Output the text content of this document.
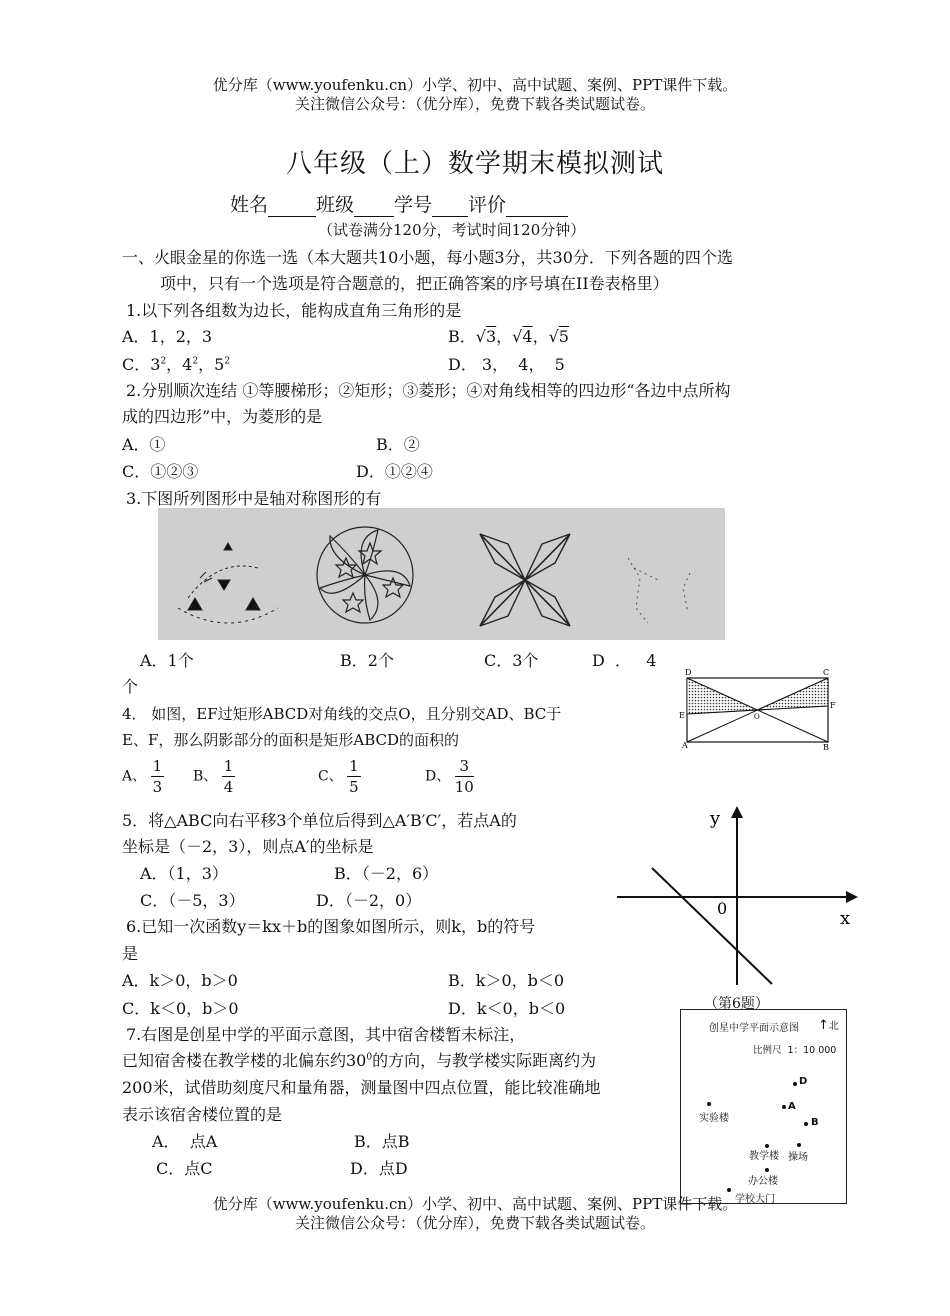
优分库（www.youfenku.cn）小学、初中、高中试题、案例、PPT课件下载。
关注微信公众号：（优分库），免费下载各类试题试卷。
八年级（上）数学期末模拟测试
姓名	班级 学号 评价
（试卷满分120分，考试时间120分钟）
一、火眼金星的你选一选（本大题共10小题，每小题3分，共30分．下列各题的四个选
项中，只有一个选项是符合题意的，把正确答案的序号填在II卷表格里）
1.以下列各组数为边长，能构成直角三角形的是
A．1，2，3	B．√3，√4，√5
C．$3^2$，$4^2$，$5^2$	D． 3，  4，  5
2.分别顺次连结 ①等腰梯形；②矩形；③菱形；④对角线相等的四边形“各边中点所构
成的四边形”中，为菱形的是
A．①	B．②
C．①②③	D．①②④
3.下图所列图形中是轴对称图形的有
A．1个	B．2个	C．3个	D  ．   4
个
D	C
E	O
F
A	B
4． 如图，EF过矩形ABCD对角线的交点O，且分别交AD、BC于
E、F，那么阴影部分的面积是矩形ABCD的面积的
A、 $\frac{1}{3}$ B、 $\frac{1}{4}$	C、 $\frac{1}{5}$	D、 $\frac{3}{10}$
5．将△ABC向右平移3个单位后得到△A′B′C′，若点A的
坐标是（－2，3），则点A′的坐标是
A．（1，3）	B．（－2，6）
C．（－5，3）	D．（－2，0）
y
x
0
（第6题）
6.已知一次函数y＝kx＋b的图象如图所示，则k，b的符号
是
A．k＞0，b＞0	B．k＞0，b＜0
C．k＜0，b＞0	D．k＜0，b＜0
7.右图是创星中学的平面示意图，其中宿舍楼暂未标注，
已知宿舍楼在教学楼的北偏东约$30^0$的方向，与教学楼实际距离约为
200米，试借助刻度尺和量角器，测量图中四点位置，能比较准确地
表示该宿舍楼位置的是
A．  点A	B．点B
C．点C	D．点D
创星中学平面示意图 ↑北
比例尺  1：10 000
D
A
B
实验楼
教学楼 操场
办公楼
学校大门
优分库（www.youfenku.cn）小学、初中、高中试题、案例、PPT课件下载。
关注微信公众号：（优分库），免费下载各类试题试卷。
